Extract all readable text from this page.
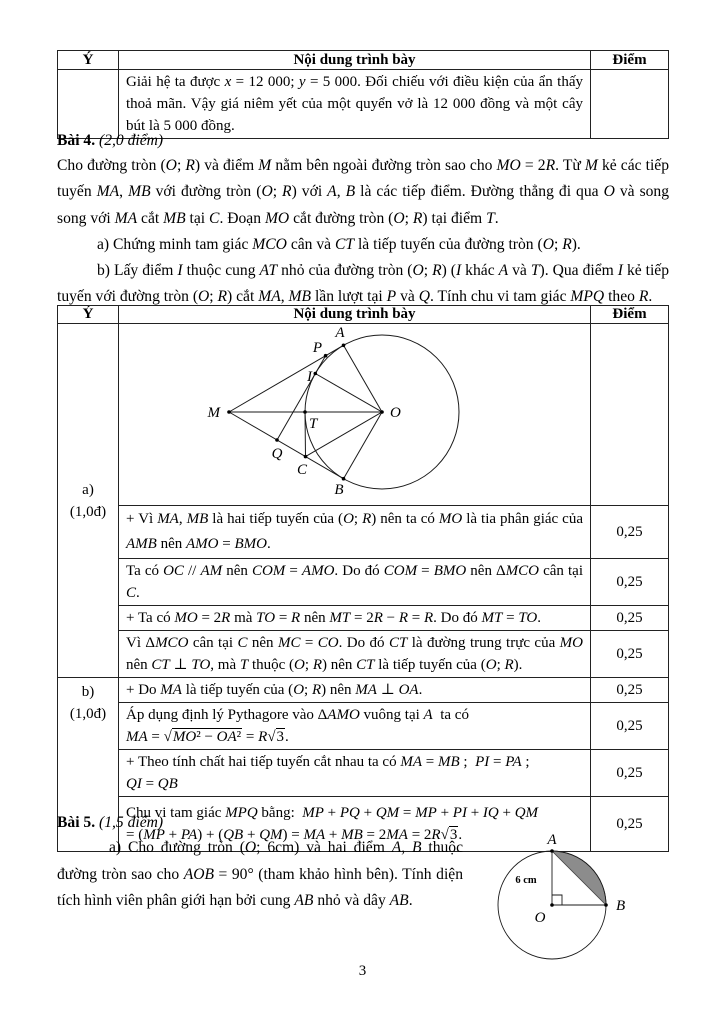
Ý	Nội dung trình bày	Điểm
	Giải hệ ta được x = 12 000; y = 5 000. Đối chiếu với điều kiện của ẩn thấy thoả mãn. Vậy giá niêm yết của một quyển vở là 12 000 đồng và một cây bút là 5 000 đồng.	
Bài 4. (2,0 điểm)

Cho đường tròn (O; R) và điểm M nằm bên ngoài đường tròn sao cho MO = 2R. Từ M kẻ các tiếp tuyến MA, MB với đường tròn (O; R) với A, B là các tiếp điểm. Đường thẳng đi qua O và song song với MA cắt MB tại C. Đoạn MO cắt đường tròn (O; R) tại điểm T.

a) Chứng minh tam giác MCO cân và CT là tiếp tuyến của đường tròn (O; R).

b) Lấy điểm I thuộc cung AT nhỏ của đường tròn (O; R) (I khác A và T). Qua điểm I kẻ tiếp tuyến với đường tròn (O; R) cắt MA, MB lần lượt tại P và Q. Tính chu vi tam giác MPQ theo R.

Ý	Nội dung trình bày	Điểm

a)
(1,0đ)

A
P
I
M
T
O
Q
C
B

	+ Vì MA, MB là hai tiếp tuyến của (O; R) nên ta có MO là tia phân giác của AMB nên AMO = BMO.	0,25
	Ta có OC // AM nên COM = AMO. Do đó COM = BMO nên ΔMCO cân tại C.	0,25
	+ Ta có MO = 2R mà TO = R nên MT = 2R − R = R. Do đó MT = TO.	0,25
	Vì ΔMCO cân tại C nên MC = CO. Do đó CT là đường trung trực của MO nên CT ⊥ TO, mà T thuộc (O; R) nên CT là tiếp tuyến của (O; R).	0,25

b)
(1,0đ)	+ Do MA là tiếp tuyến của (O; R) nên MA ⊥ OA.	0,25
	Áp dụng định lý Pythagore vào ΔAMO vuông tại A  ta có
MA = √MO² − OA² = R√3.	0,25
	+ Theo tính chất hai tiếp tuyến cắt nhau ta có MA = MB ;  PI = PA ;
QI = QB	0,25
	Chu vi tam giác MPQ bằng:  MP + PQ + QM = MP + PI + IQ + QM
= (MP + PA) + (QB + QM) = MA + MB = 2MA = 2R√3.	0,25
Bài 5. (1,5 điểm)

a) Cho đường tròn (O; 6cm) và hai điểm A, B thuộc đường tròn sao cho AOB = 90° (tham khảo hình bên). Tính diện tích hình viên phân giới hạn bởi cung AB nhỏ và dây AB.

A
B
O
6 cm
3
